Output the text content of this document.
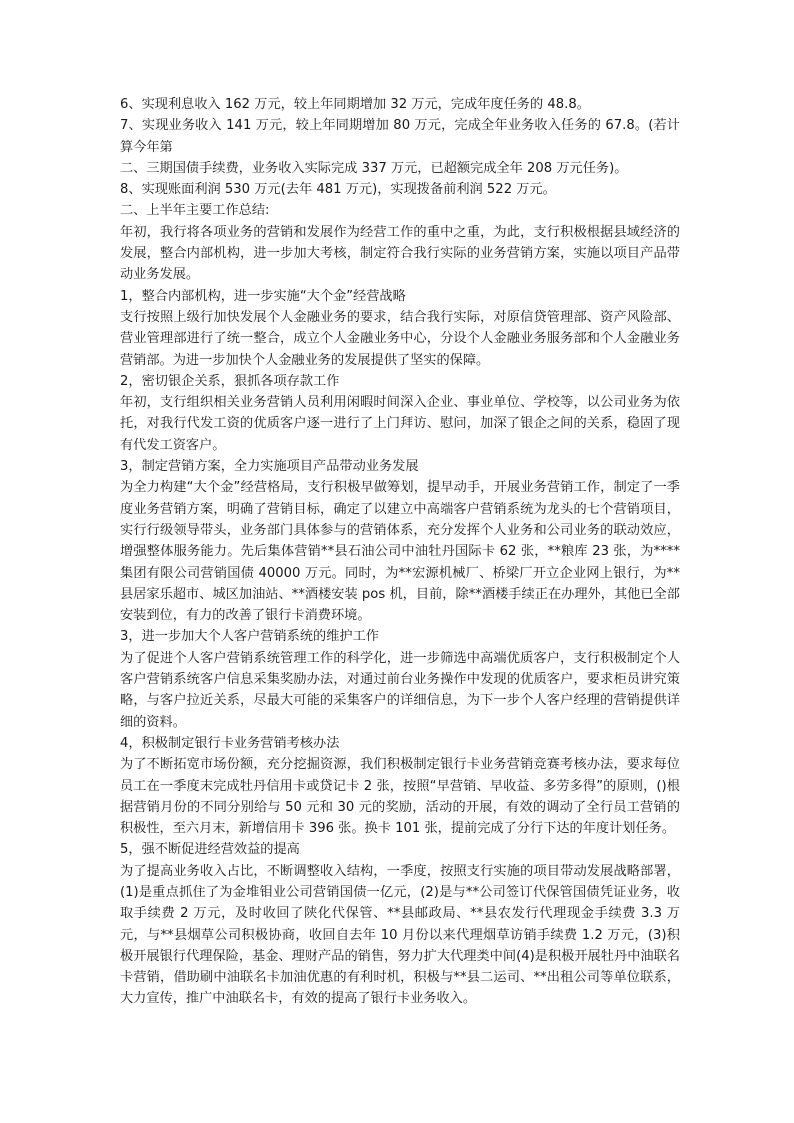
6、实现利息收入 162 万元，较上年同期增加 32 万元，完成年度任务的 48.8。

7、实现业务收入 141 万元，较上年同期增加 80 万元，完成全年业务收入任务的 67.8。(若计算今年第

二、三期国债手续费，业务收入实际完成 337 万元，已超额完成全年 208 万元任务)。

8、实现账面利润 530 万元(去年 481 万元)，实现拨备前利润 522 万元。

二、上半年主要工作总结:

年初，我行将各项业务的营销和发展作为经营工作的重中之重，为此，支行积极根据县域经济的发展，整合内部机构，进一步加大考核，制定符合我行实际的业务营销方案，实施以项目产品带动业务发展。

1，整合内部机构，进一步实施“大个金”经营战略

支行按照上级行加快发展个人金融业务的要求，结合我行实际，对原信贷管理部、资产风险部、营业管理部进行了统一整合，成立个人金融业务中心，分设个人金融业务服务部和个人金融业务营销部。为进一步加快个人金融业务的发展提供了坚实的保障。

2，密切银企关系，狠抓各项存款工作

年初，支行组织相关业务营销人员利用闲暇时间深入企业、事业单位、学校等，以公司业务为依托，对我行代发工资的优质客户逐一进行了上门拜访、慰问，加深了银企之间的关系，稳固了现有代发工资客户。

3，制定营销方案，全力实施项目产品带动业务发展

为全力构建“大个金”经营格局，支行积极早做筹划，提早动手，开展业务营销工作，制定了一季度业务营销方案，明确了营销目标，确定了以建立中高端客户营销系统为龙头的七个营销项目，实行行级领导带头，业务部门具体参与的营销体系，充分发挥个人业务和公司业务的联动效应，增强整体服务能力。先后集体营销**县石油公司中油牡丹国际卡 62 张，**粮库 23 张，为****集团有限公司营销国债 40000 万元。同时，为**宏源机械厂、桥梁厂开立企业网上银行，为**县居家乐超市、城区加油站、**酒楼安装 pos 机，目前，除**酒楼手续正在办理外，其他已全部安装到位，有力的改善了银行卡消费环境。

3，进一步加大个人客户营销系统的维护工作

为了促进个人客户营销系统管理工作的科学化，进一步筛选中高端优质客户，支行积极制定个人客户营销系统客户信息采集奖励办法，对通过前台业务操作中发现的优质客户，要求柜员讲究策略，与客户拉近关系，尽最大可能的采集客户的详细信息，为下一步个人客户经理的营销提供详细的资料。

4，积极制定银行卡业务营销考核办法

为了不断拓宽市场份额，充分挖掘资源，我们积极制定银行卡业务营销竞赛考核办法，要求每位员工在一季度末完成牡丹信用卡或贷记卡 2 张，按照“早营销、早收益、多劳多得”的原则，()根据营销月份的不同分别给与 50 元和 30 元的奖励，活动的开展，有效的调动了全行员工营销的积极性，至六月末，新增信用卡 396 张。换卡 101 张，提前完成了分行下达的年度计划任务。

5，强不断促进经营效益的提高

为了提高业务收入占比，不断调整收入结构，一季度，按照支行实施的项目带动发展战略部署，(1)是重点抓住了为金堆钼业公司营销国债一亿元，(2)是与**公司签订代保管国债凭证业务，收取手续费 2 万元，及时收回了陕化代保管、**县邮政局、**县农发行代理现金手续费 3.3 万元，与**县烟草公司积极协商，收回自去年 10 月份以来代理烟草访销手续费 1.2 万元，(3)积极开展银行代理保险，基金、理财产品的销售，努力扩大代理类中间(4)是积极开展牡丹中油联名卡营销，借助刷中油联名卡加油优惠的有利时机，积极与**县二运司、**出租公司等单位联系，大力宣传，推广中油联名卡，有效的提高了银行卡业务收入。
